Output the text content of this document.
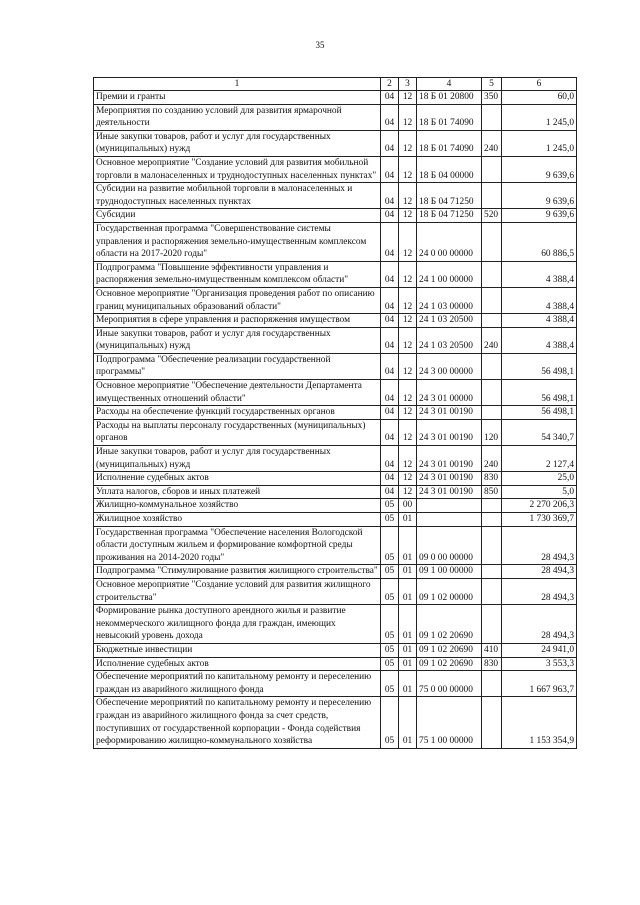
35
1	2	3	4	5	6
Премии и гранты	04	12	18 Б 01 20800	350	60,0
Мероприятия по созданию условий для развития ярмарочной деятельности	04	12	18 Б 01 74090		1 245,0
Иные закупки товаров, работ и услуг для государственных (муниципальных) нужд	04	12	18 Б 01 74090	240	1 245,0
Основное мероприятие "Создание условий для развития мобильной торговли в малонаселенных и труднодоступных населенных пунктах"	04	12	18 Б 04 00000		9 639,6
Субсидии на развитие мобильной торговли в малонаселенных и труднодоступных населенных пунктах	04	12	18 Б 04 71250		9 639,6
Субсидии	04	12	18 Б 04 71250	520	9 639,6
Государственная программа "Совершенствование системы управления и распоряжения земельно-имущественным комплексом области на 2017-2020 годы"	04	12	24 0 00 00000		60 886,5
Подпрограмма "Повышение эффективности управления и распоряжения земельно-имущественным комплексом области"	04	12	24 1 00 00000		4 388,4
Основное мероприятие "Организация проведения работ по описанию границ муниципальных образований области"	04	12	24 1 03 00000		4 388,4
Мероприятия в сфере управления и распоряжения имуществом	04	12	24 1 03 20500		4 388,4
Иные закупки товаров, работ и услуг для государственных (муниципальных) нужд	04	12	24 1 03 20500	240	4 388,4
Подпрограмма "Обеспечение реализации государственной программы"	04	12	24 3 00 00000		56 498,1
Основное мероприятие "Обеспечение деятельности Департамента имущественных отношений области"	04	12	24 3 01 00000		56 498,1
Расходы на обеспечение функций государственных органов	04	12	24 3 01 00190		56 498,1
Расходы на выплаты персоналу государственных (муниципальных) органов	04	12	24 3 01 00190	120	54 340,7
Иные закупки товаров, работ и услуг для государственных (муниципальных) нужд	04	12	24 3 01 00190	240	2 127,4
Исполнение судебных актов	04	12	24 3 01 00190	830	25,0
Уплата налогов, сборов и иных платежей	04	12	24 3 01 00190	850	5,0
Жилищно-коммунальное хозяйство	05	00			2 270 206,3
Жилищное хозяйство	05	01			1 730 369,7
Государственная программа "Обеспечение населения Вологодской области доступным жильем и формирование комфортной среды проживания на 2014-2020 годы"	05	01	09 0 00 00000		28 494,3
Подпрограмма "Стимулирование развития жилищного строительства"	05	01	09 1 00 00000		28 494,3
Основное мероприятие "Создание условий для развития жилищного строительства"	05	01	09 1 02 00000		28 494,3
Формирование рынка доступного арендного жилья и развитие некоммерческого жилищного фонда для граждан, имеющих невысокий уровень дохода	05	01	09 1 02 20690		28 494,3
Бюджетные инвестиции	05	01	09 1 02 20690	410	24 941,0
Исполнение судебных актов	05	01	09 1 02 20690	830	3 553,3
Обеспечение мероприятий по капитальному ремонту и переселению граждан из аварийного жилищного фонда	05	01	75 0 00 00000		1 667 963,7
Обеспечение мероприятий по капитальному ремонту и переселению граждан из аварийного жилищного фонда за счет средств, поступивших от государственной корпорации - Фонда содействия реформированию жилищно-коммунального хозяйства	05	01	75 1 00 00000		1 153 354,9
